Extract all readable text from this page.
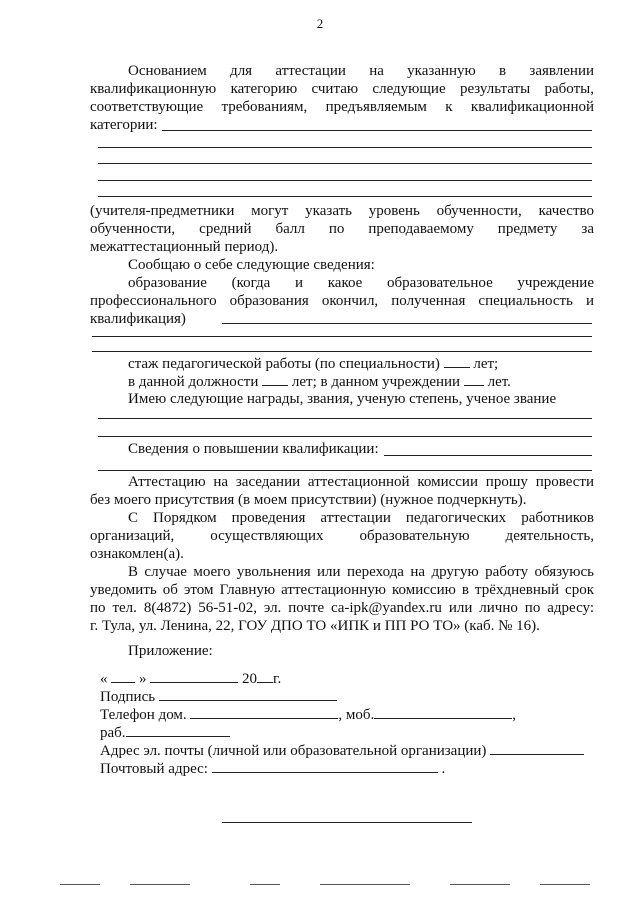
2
Основанием для аттестации на указанную в заявлении
квалификационную категорию считаю следующие результаты работы,
соответствующие требованиям, предъявляемым к квалификационной
категории:
(учителя-предметники могут указать уровень обученности, качество
обученности, средний балл по преподаваемому предмету за
межаттестационный период).
Сообщаю о себе следующие сведения:
образование (когда и какое образовательное учреждение
профессионального образования окончил, полученная специальность и
квалификация)
стаж педагогической работы (по специальности) лет;
в данной должности лет; в данном учреждении лет.
Имею следующие награды, звания, ученую степень, ученое звание
Сведения о повышении квалификации:
Аттестацию на заседании аттестационной комиссии прошу провести
без моего присутствия (в моем присутствии) (нужное подчеркнуть).
С Порядком проведения аттестации педагогических работников
организаций, осуществляющих образовательную деятельность,
ознакомлен(а).
В случае моего увольнения или перехода на другую работу обязуюсь
уведомить об этом Главную аттестационную комиссию в трёхдневный срок
по тел. 8(4872) 56-51-02, эл. почте ca-ipk@yandex.ru или лично по адресу:
г. Тула, ул. Ленина, 22, ГОУ ДПО ТО «ИПК и ПП РО ТО» (каб. № 16).
Приложение:
« »	20 г.
Подпись
Телефон дом.	, моб.	,
раб.
Адрес эл. почты (личной или образовательной организации)
Почтовый адрес:	.
